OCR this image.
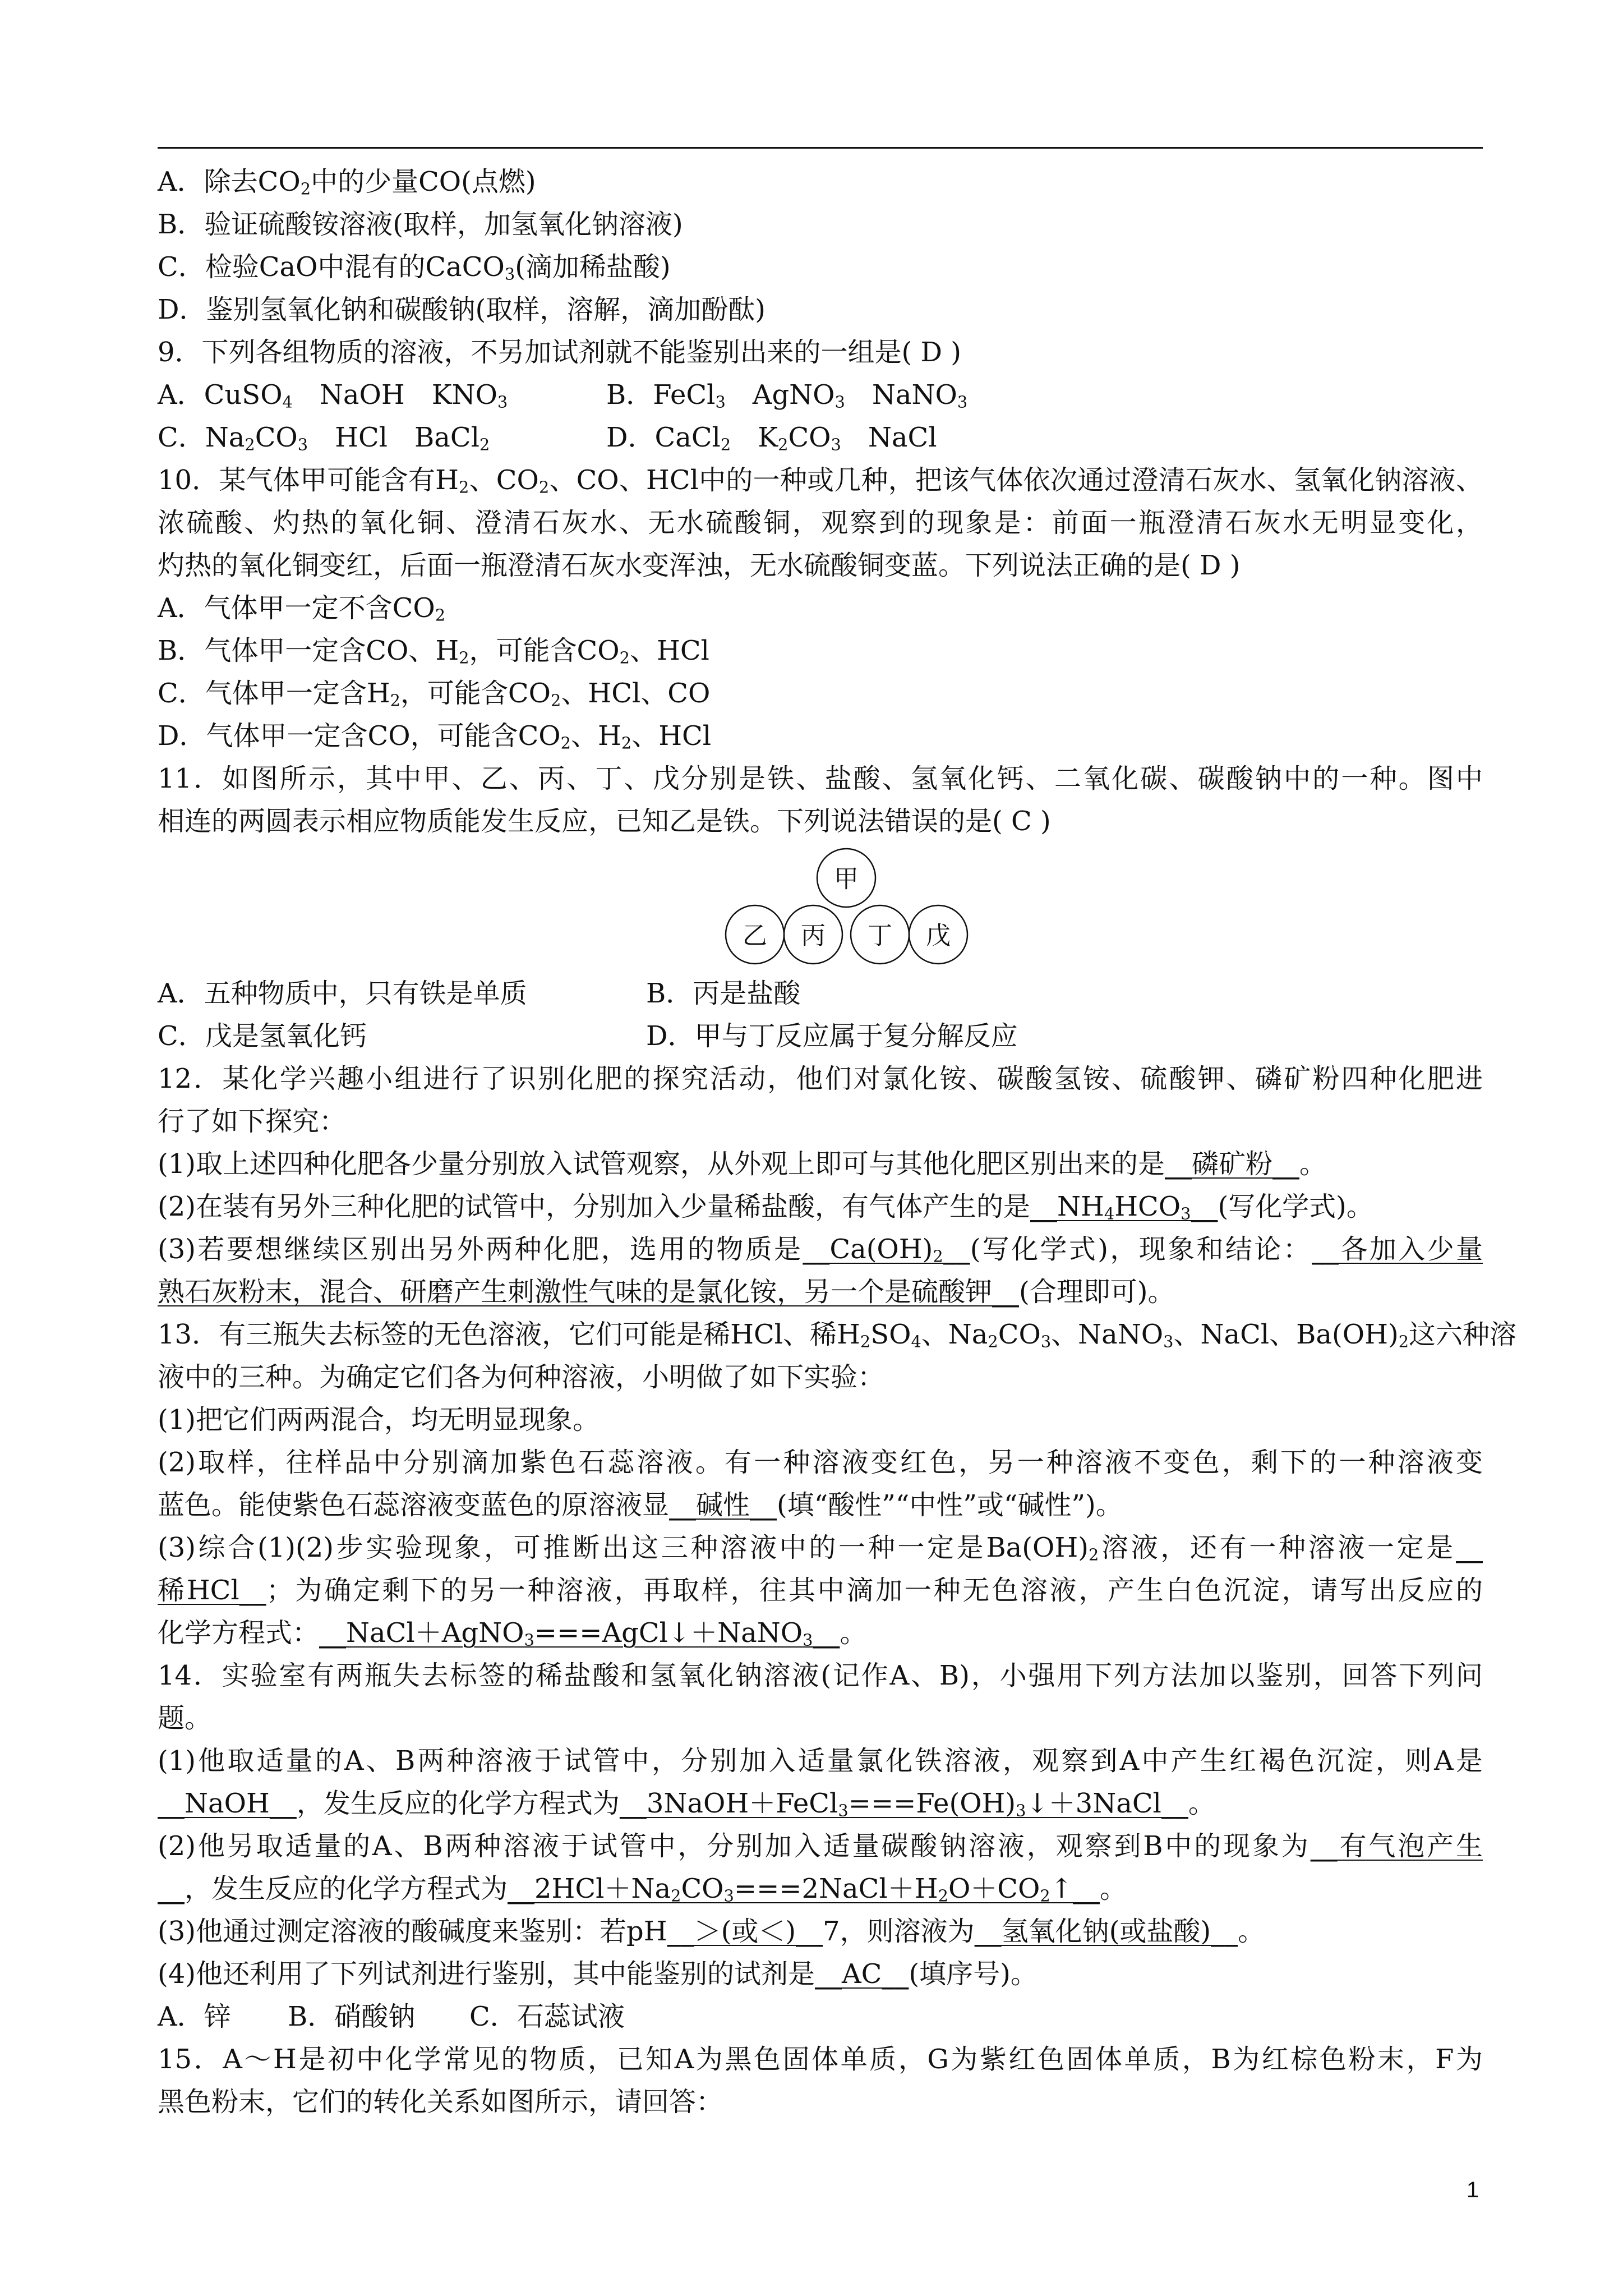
A．除去$CO_2$中的少量CO(点燃)
B．验证硫酸铵溶液(取样，加氢氧化钠溶液)
C．检验CaO中混有的CaCO$_3$(滴加稀盐酸)
D．鉴别氢氧化钠和碳酸钠(取样，溶解，滴加酚酞)
9．下列各组物质的溶液，不另加试剂就不能鉴别出来的一组是( D )
A．CuSO$_4$　NaOH　$KNO_3$	B．FeCl$_3$　AgNO$_3$　NaNO$_3$
C．$Na_2CO_3$　HCl　BaCl$_2$	D．CaCl$_2$　$K_2CO_3$　NaCl
10．某气体甲可能含有$H_2$、$CO_2$、CO、HCl中的一种或几种，把该气体依次通过澄清石灰水、氢氧化钠溶液、
浓硫酸、灼热的氧化铜、澄清石灰水、无水硫酸铜，观察到的现象是：前面一瓶澄清石灰水无明显变化，
灼热的氧化铜变红，后面一瓶澄清石灰水变浑浊，无水硫酸铜变蓝。下列说法正确的是( D )
A．气体甲一定不含$CO_2$
B．气体甲一定含CO、$H_2$，可能含$CO_2$、HCl
C．气体甲一定含$H_2$，可能含$CO_2$、HCl、CO
D．气体甲一定含CO，可能含$CO_2$、$H_2$、HCl
11．如图所示，其中甲、乙、丙、丁、戊分别是铁、盐酸、氢氧化钙、二氧化碳、碳酸钠中的一种。图中
相连的两圆表示相应物质能发生反应，已知乙是铁。下列说法错误的是( C )
甲
乙 丙 丁 戊
A．五种物质中，只有铁是单质	B．丙是盐酸
C．戊是氢氧化钙	D．甲与丁反应属于复分解反应
12．某化学兴趣小组进行了识别化肥的探究活动，他们对氯化铵、碳酸氢铵、硫酸钾、磷矿粉四种化肥进
行了如下探究：
(1)取上述四种化肥各少量分别放入试管观察，从外观上即可与其他化肥区别出来的是__磷矿粉__。
(2)在装有另外三种化肥的试管中，分别加入少量稀盐酸，有气体产生的是$\_\_NH_4HCO_3\_\_$(写化学式)。
(3)若要想继续区别出另外两种化肥，选用的物质是$\_\_Ca(OH)_2\_\_$(写化学式)，现象和结论：__各加入少量
熟石灰粉末，混合、研磨产生刺激性气味的是氯化铵，另一个是硫酸钾__(合理即可)。
13．有三瓶失去标签的无色溶液，它们可能是稀HCl、稀$H_2SO_4$、$Na_2CO_3$、NaNO$_3$、NaCl、$Ba(OH)_2$这六种溶
液中的三种。为确定它们各为何种溶液，小明做了如下实验：
(1)把它们两两混合，均无明显现象。
(2)取样，往样品中分别滴加紫色石蕊溶液。有一种溶液变红色，另一种溶液不变色，剩下的一种溶液变
蓝色。能使紫色石蕊溶液变蓝色的原溶液显__碱性__(填“酸性”“中性”或“碱性”)。
(3)综合(1)(2)步实验现象，可推断出这三种溶液中的一种一定是$Ba(OH)_2$溶液，还有一种溶液一定是__
稀HCl__；为确定剩下的另一种溶液，再取样，往其中滴加一种无色溶液，产生白色沉淀，请写出反应的
化学方程式：__NaCl＋AgNO$_3$===AgCl↓＋NaNO$_3$__。
14．实验室有两瓶失去标签的稀盐酸和氢氧化钠溶液(记作A、B)，小强用下列方法加以鉴别，回答下列问
题。
(1)他取适量的A、B两种溶液于试管中，分别加入适量氯化铁溶液，观察到A中产生红褐色沉淀，则A是
__NaOH__，发生反应的化学方程式为$\_\_3NaOH+FeCl_3===Fe(OH)_3↓+3NaCl\_\_$。
(2)他另取适量的A、B两种溶液于试管中，分别加入适量碳酸钠溶液，观察到B中的现象为__有气泡产生
__，发生反应的化学方程式为$\_\_2HCl+Na_2CO_3===2NaCl+H_2O+CO_2↑\_\_$。
(3)他通过测定溶液的酸碱度来鉴别：若pH__＞(或＜)__7，则溶液为__氢氧化钠(或盐酸)__。
(4)他还利用了下列试剂进行鉴别，其中能鉴别的试剂是__AC__(填序号)。
A．锌 B．硝酸钠 C．石蕊试液
15．A～H是初中化学常见的物质，已知A为黑色固体单质，G为紫红色固体单质，B为红棕色粉末，F为
黑色粉末，它们的转化关系如图所示，请回答：
1
